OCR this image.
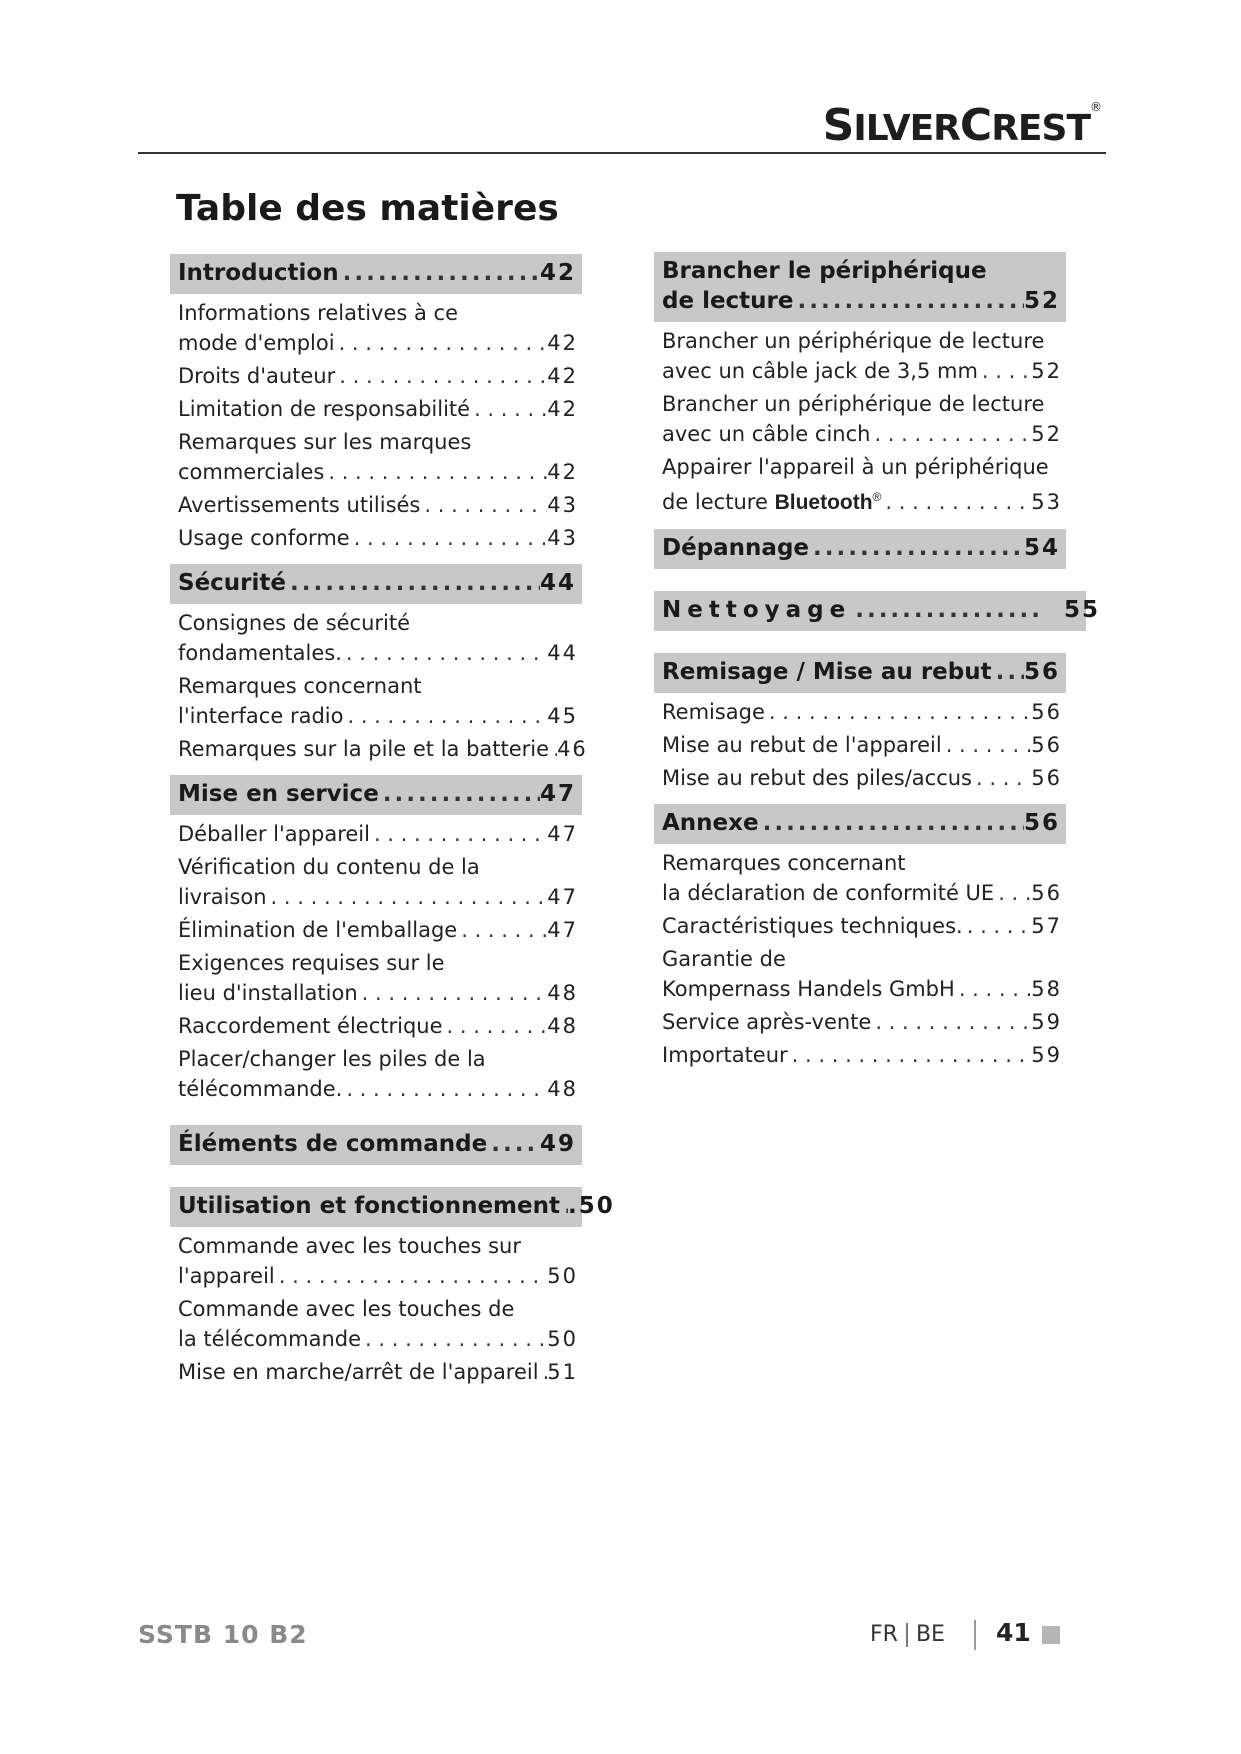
SILVERCREST®
Table des matières
Introduction .....	42
Informations relatives à ce
mode d'emploi . . .	42
Droits d'auteur . . .	42
Limitation de responsabilité . . .	42
Remarques sur les marques
commerciales . . .	42
Avertissements utilisés . . .	43
Usage conforme . . .	43
Sécurité .....	44
Consignes de sécurité
fondamentales. . . .	44
Remarques concernant
l'interface radio . . .	45
Remarques sur la pile et la batterie . . . 46
Mise en service .....	47
Déballer l'appareil . . .	47
Vérification du contenu de la
livraison . . .	47
Élimination de l'emballage . . .	47
Exigences requises sur le
lieu d'installation . . .	48
Raccordement électrique . . .	48
Placer/changer les piles de la
télécommande. . . .	48
Éléments de commande ..... 49
Utilisation et fonctionnement ..... .50
Commande avec les touches sur
l'appareil . . .	50
Commande avec les touches de
la télécommande . . .	50
Mise en marche/arrêt de l'appareil . . . 51
Brancher le périphérique
de lecture .....	52
Brancher un périphérique de lecture
avec un câble jack de 3,5 mm . . .	52
Brancher un périphérique de lecture
avec un câble cinch . . .	52
Appairer l'appareil à un périphérique
de lecture Bluetooth® . . .	53
Dépannage .....	54
Nettoyage .....	55
Remisage / Mise au rebut ..... 56
Remisage . . .	56
Mise au rebut de l'appareil . . .	56
Mise au rebut des piles/accus . . .	56
Annexe .....	56
Remarques concernant
la déclaration de conformité UE . . . 56
Caractéristiques techniques. . . .	57
Garantie de
Kompernass Handels GmbH . . .	58
Service après-vente . . .	59
Importateur . . .	59
SSTB 10 B2	FR BE 41
